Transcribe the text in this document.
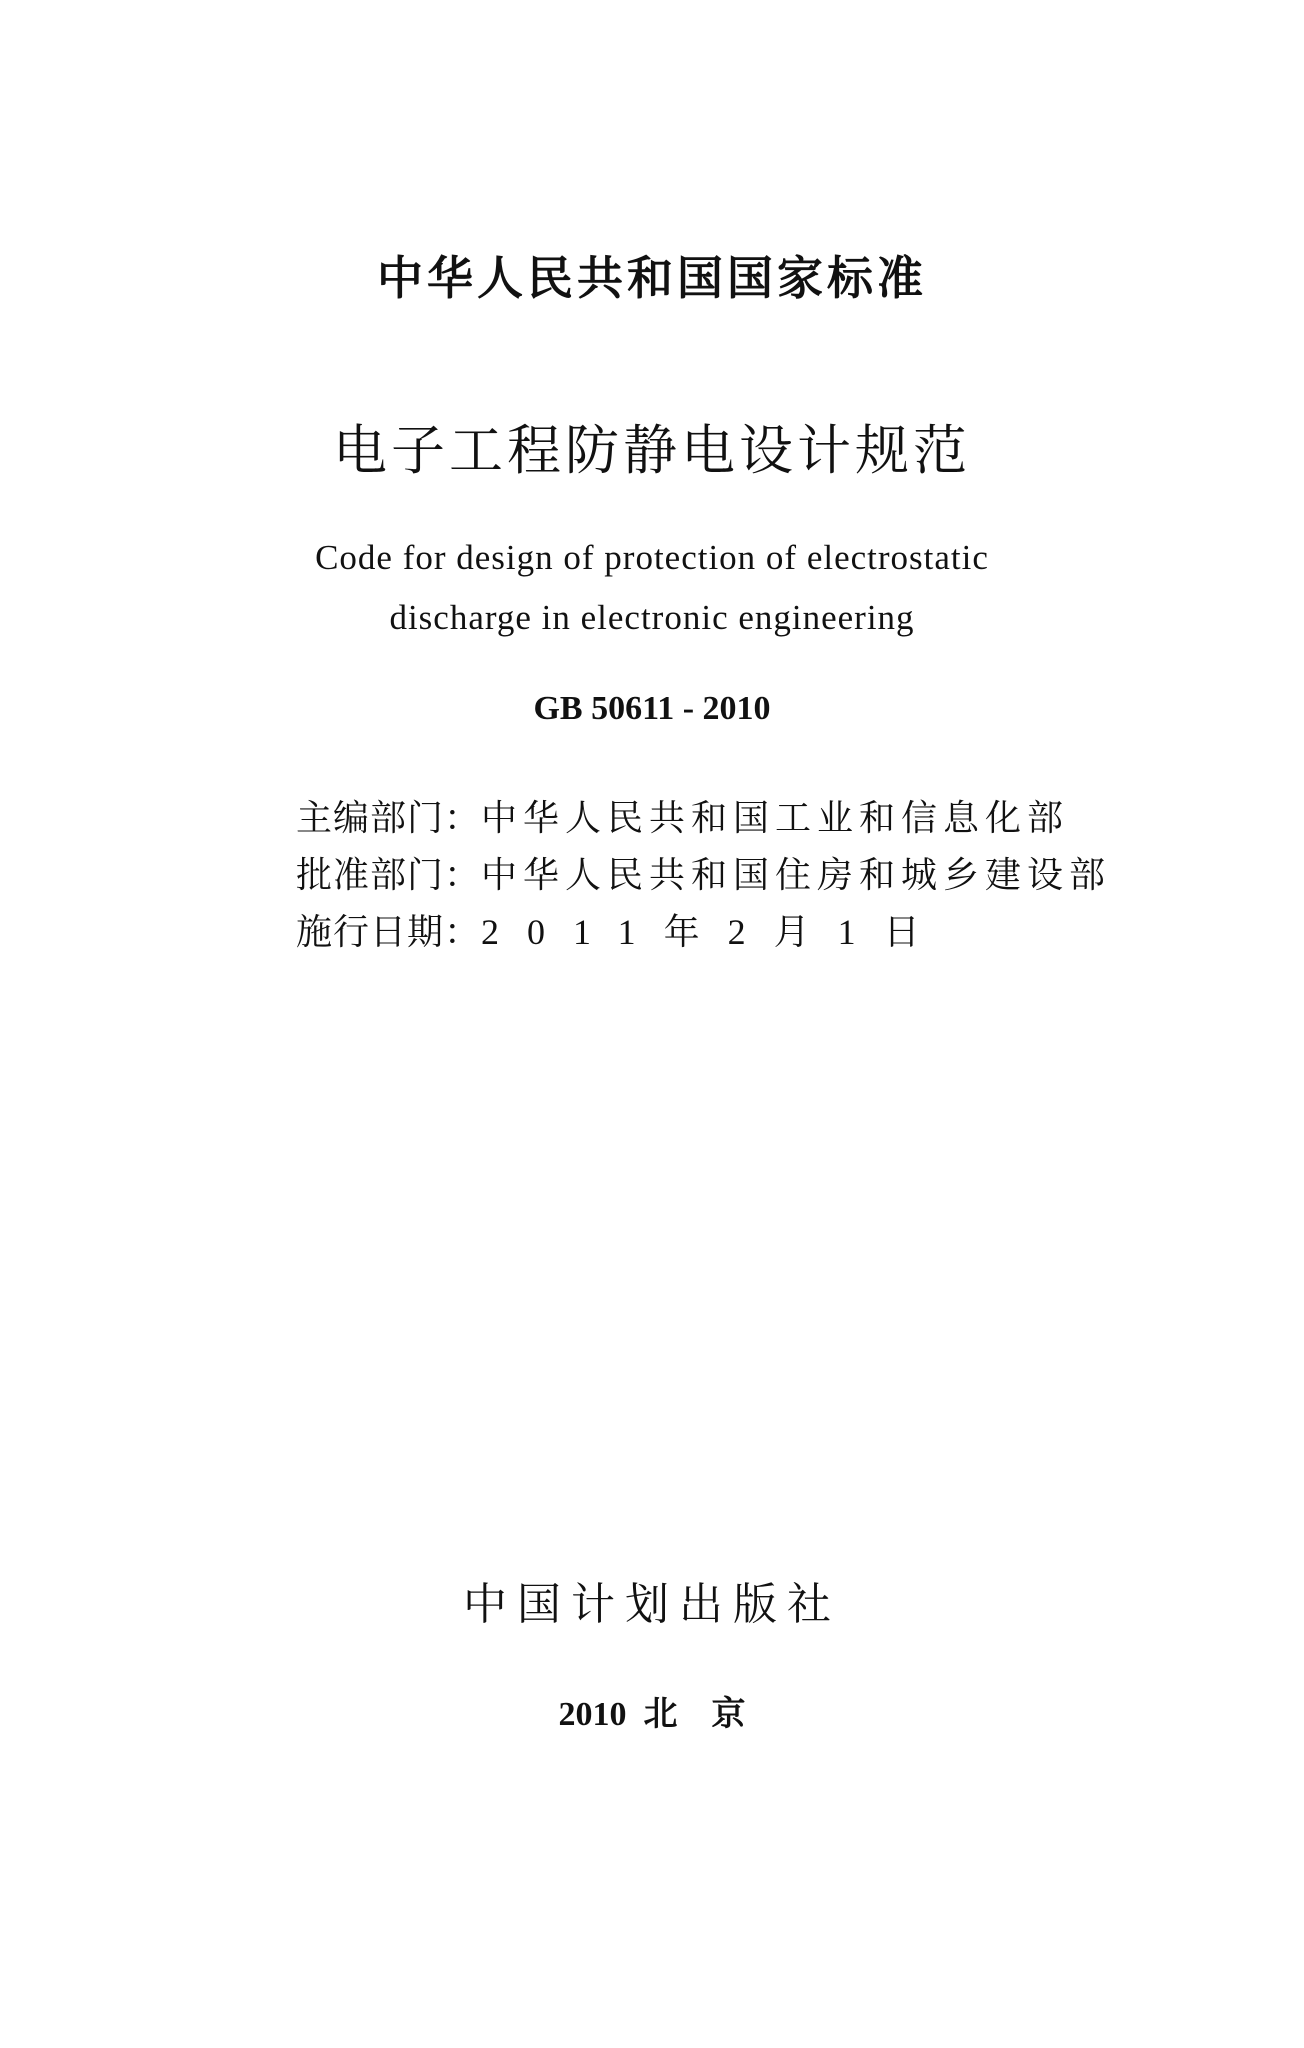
中华人民共和国国家标准
电子工程防静电设计规范
Code for design of protection of electrostatic
discharge in electronic engineering
GB 50611 - 2010
主编部门：中华人民共和国工业和信息化部
批准部门：中华人民共和国住房和城乡建设部
施行日期：2011年2月1日
中国计划出版社
2010  北    京
